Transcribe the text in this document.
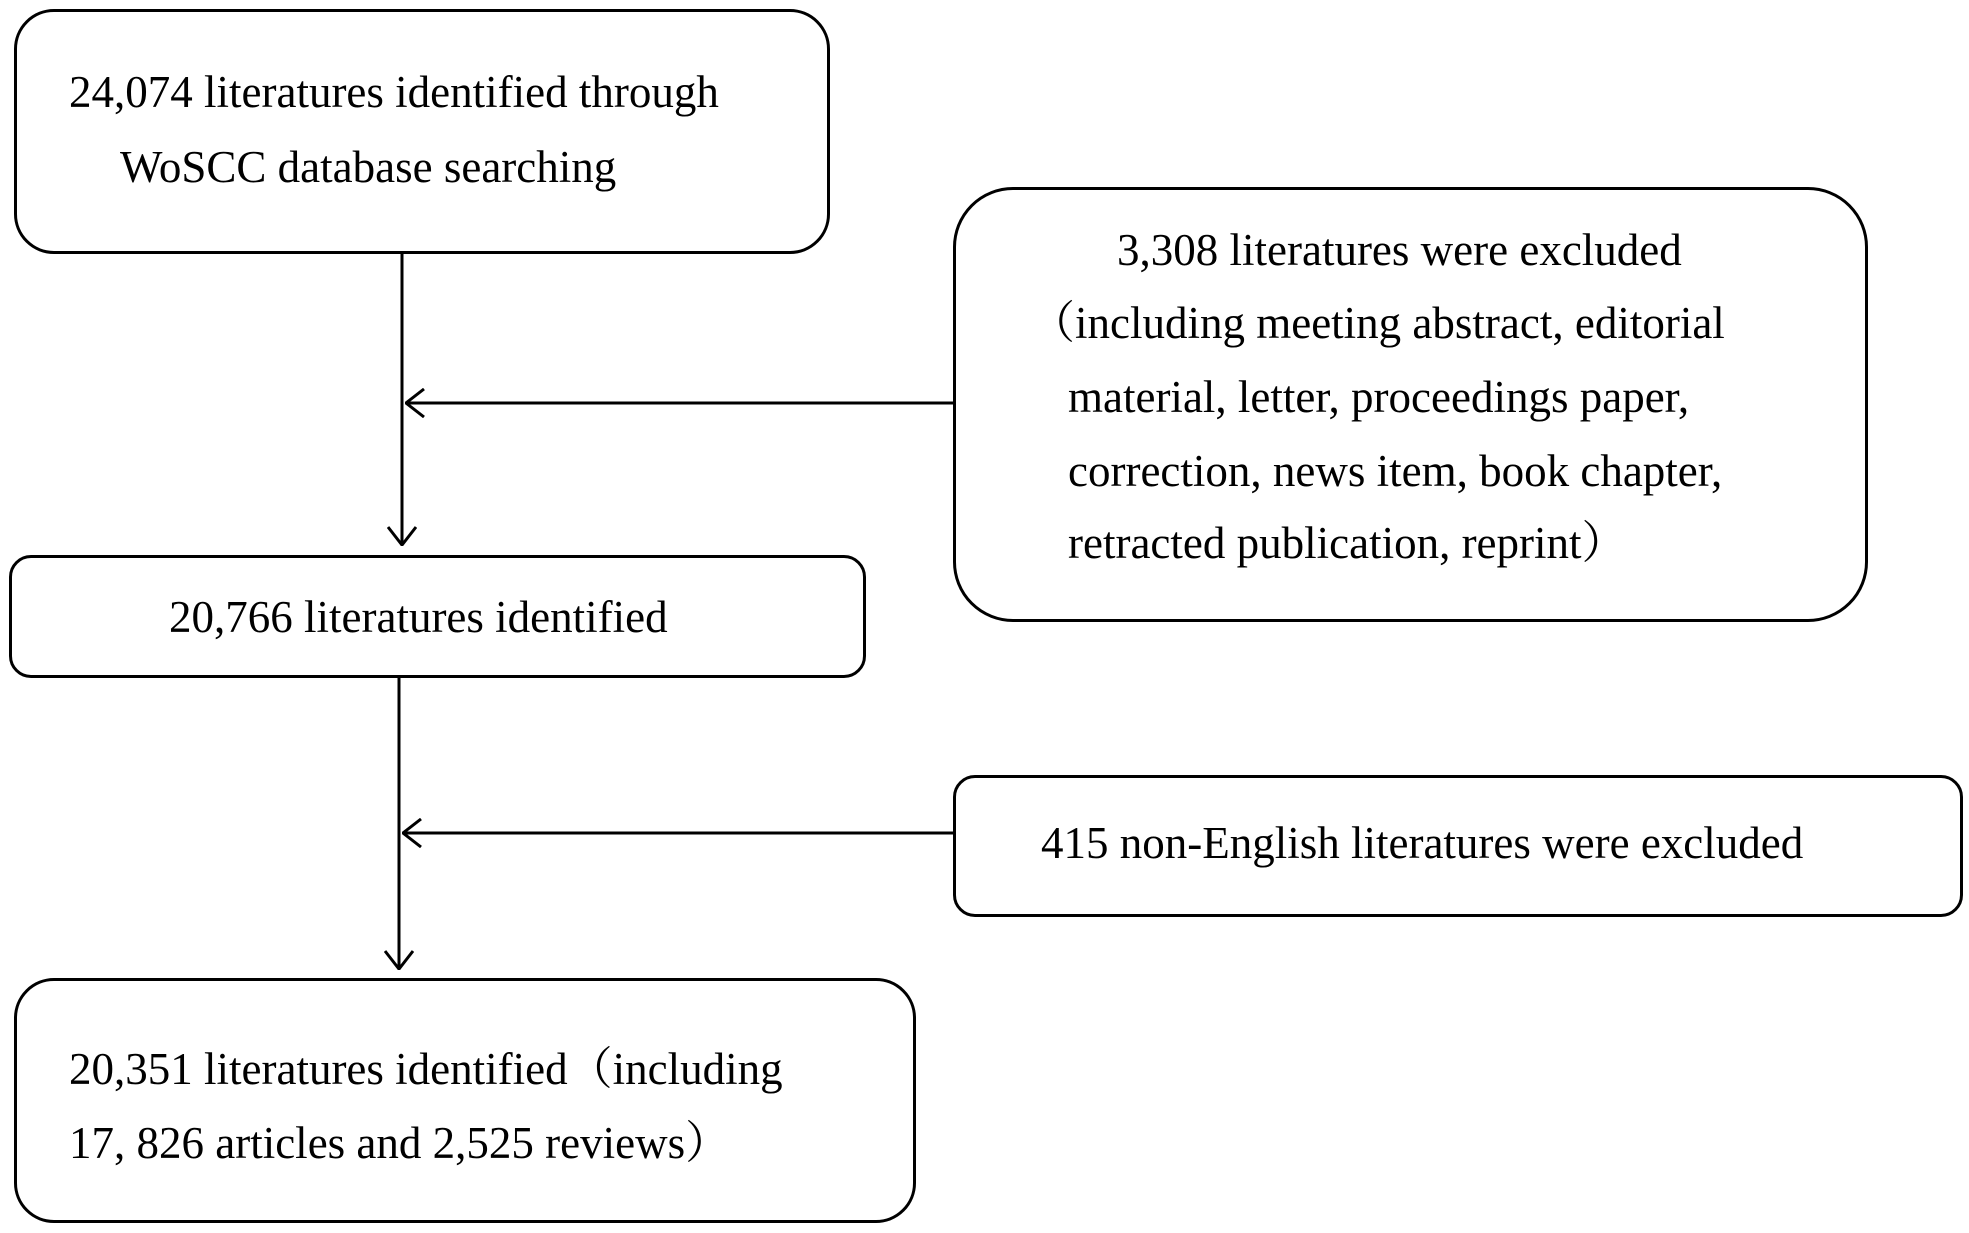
24,074 literatures identified through
WoSCC database searching
3,308 literatures were excluded
（including meeting abstract, editorial
material, letter, proceedings paper,
correction, news item, book chapter,
retracted publication, reprint）
20,766 literatures identified
415 non-English literatures were excluded
20,351 literatures identified（including
17, 826 articles and 2,525 reviews）
